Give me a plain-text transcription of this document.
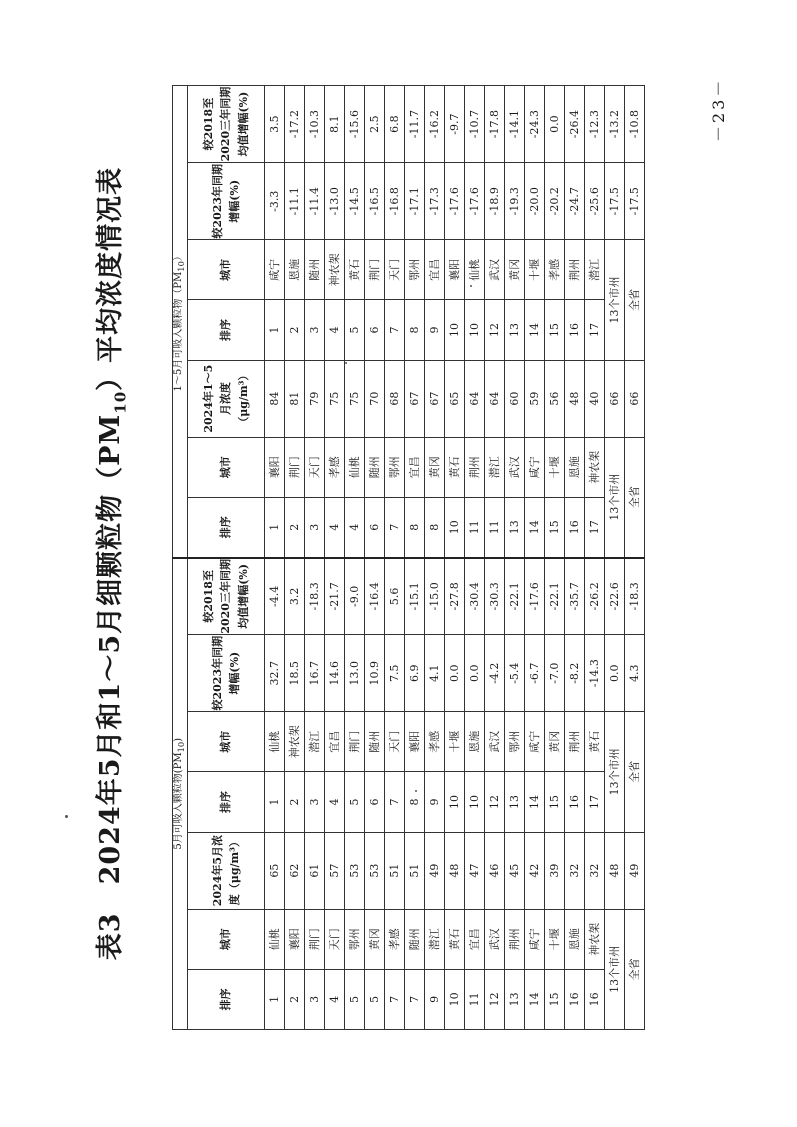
表3　2024年5月和1～5月细颗粒物$(PM_{10})$平均浓度情况表
5月可吸入颗粒物$(PM_{10})$							1～5月可吸入颗粒物$(PM_{10})$						
排序	城市	2024年5月浓度（μg/m³）	排序	城市	较2023年同期增幅(%)	较2018至2020三年同期均值增幅(%)	排序	城市	2024年1～5月浓度（μg/m³）	排序	城市	较2023年同期增幅(%)	较2018至2020三年同期均值增幅(%)
1	仙桃	65	1	仙桃	32.7	-4.4	1	襄阳	84	1	咸宁	-3.3	3.5
2	襄阳	62	2	神农架	18.5	3.2	2	荆门	81	2	恩施	-11.1	-17.2
3	荆门	61	3	潜江	16.7	-18.3	3	天门	79	3	随州	-11.4	-10.3
4	天门	57	4	宜昌	14.6	-21.7	4	孝感	75	4	神农架	-13.0	8.1
5	鄂州	53	5	荆门	13.0	-9.0	4	仙桃	75	5	黄石	-14.5	-15.6
5	黄冈	53	6	随州	10.9	-16.4	6	随州	70	6	荆门	-16.5	2.5
7	孝感	51	7	天门	7.5	5.6	7	鄂州	68	7	天门	-16.8	6.8
7	随州	51	8	襄阳	6.9	-15.1	8	宜昌	67	8	鄂州	-17.1	-11.7
9	潜江	49	9	孝感	4.1	-15.0	8	黄冈	67	9	宜昌	-17.3	-16.2
10	黄石	48	10	十堰	0.0	-27.8	10	黄石	65	10	襄阳	-17.6	-9.7
11	宜昌	47	10	恩施	0.0	-30.4	11	荆州	64	10	仙桃	-17.6	-10.7
12	武汉	46	12	武汉	-4.2	-30.3	11	潜江	64	12	武汉	-18.9	-17.8
13	荆州	45	13	鄂州	-5.4	-22.1	13	武汉	60	13	黄冈	-19.3	-14.1
14	咸宁	42	14	咸宁	-6.7	-17.6	14	咸宁	59	14	十堰	-20.0	-24.3
15	十堰	39	15	黄冈	-7.0	-22.1	15	十堰	56	15	孝感	-20.2	0.0
16	恩施	32	16	荆州	-8.2	-35.7	16	恩施	48	16	荆州	-24.7	-26.4
16	神农架	32	17	黄石	-14.3	-26.2	17	神农架	40	17	潜江	-25.6	-12.3
13个市州		48	13个市州		0.0	-22.6	13个市州		66	13个市州		-17.5	-13.2
全省		49	全省		4.3	-18.3	全省		66	全省		-17.5	-10.8	－23－
